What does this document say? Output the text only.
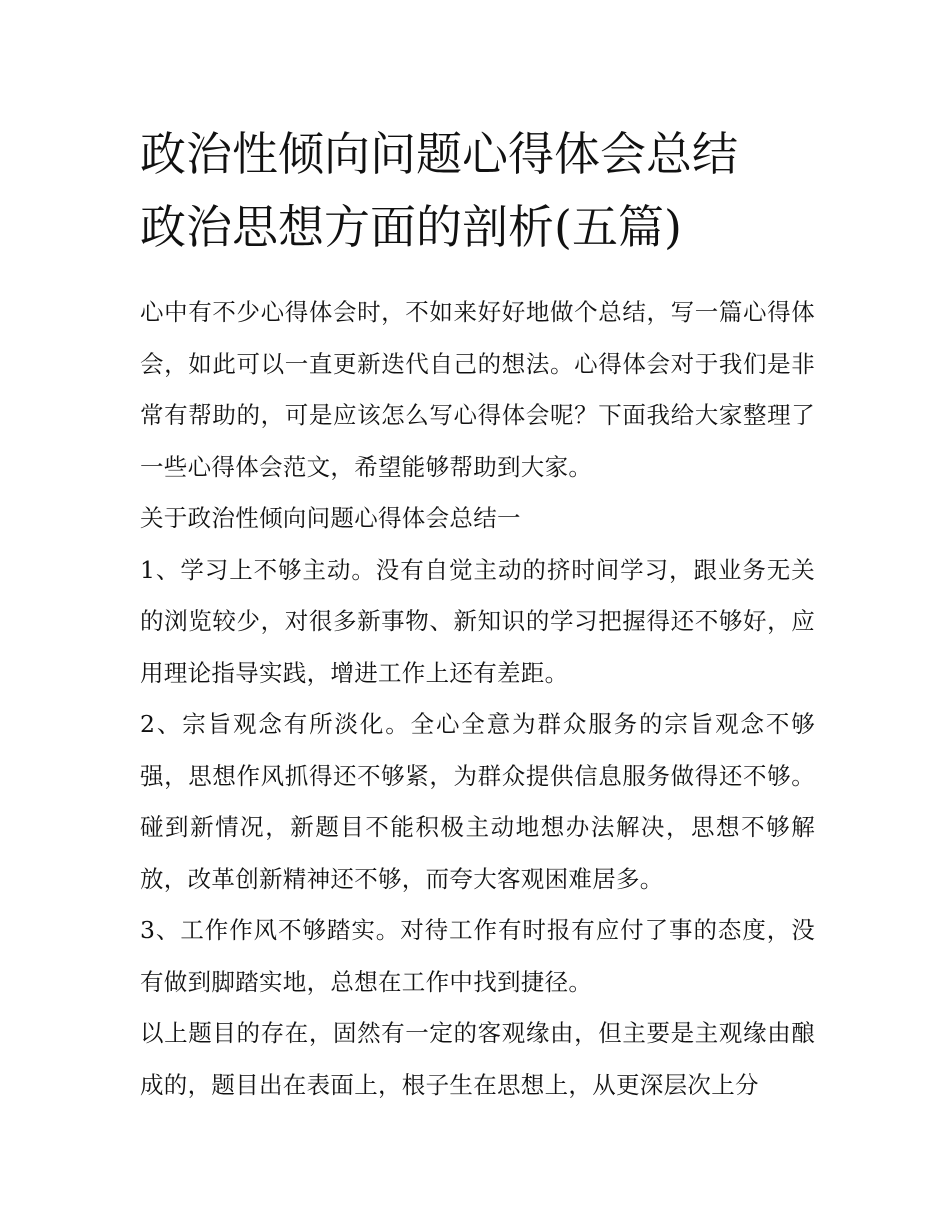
政治性倾向问题心得体会总结
政治思想方面的剖析(五篇)

心中有不少心得体会时，不如来好好地做个总结，写一篇心得体会，如此可以一直更新迭代自己的想法。心得体会对于我们是非常有帮助的，可是应该怎么写心得体会呢？下面我给大家整理了一些心得体会范文，希望能够帮助到大家。

关于政治性倾向问题心得体会总结一

1、学习上不够主动。没有自觉主动的挤时间学习，跟业务无关的浏览较少，对很多新事物、新知识的学习把握得还不够好，应用理论指导实践，增进工作上还有差距。

2、宗旨观念有所淡化。全心全意为群众服务的宗旨观念不够强，思想作风抓得还不够紧，为群众提供信息服务做得还不够。碰到新情况，新题目不能积极主动地想办法解决，思想不够解放，改革创新精神还不够，而夸大客观困难居多。

3、工作作风不够踏实。对待工作有时报有应付了事的态度，没有做到脚踏实地，总想在工作中找到捷径。

以上题目的存在，固然有一定的客观缘由，但主要是主观缘由酿成的，题目出在表面上，根子生在思想上，从更深层次上分
